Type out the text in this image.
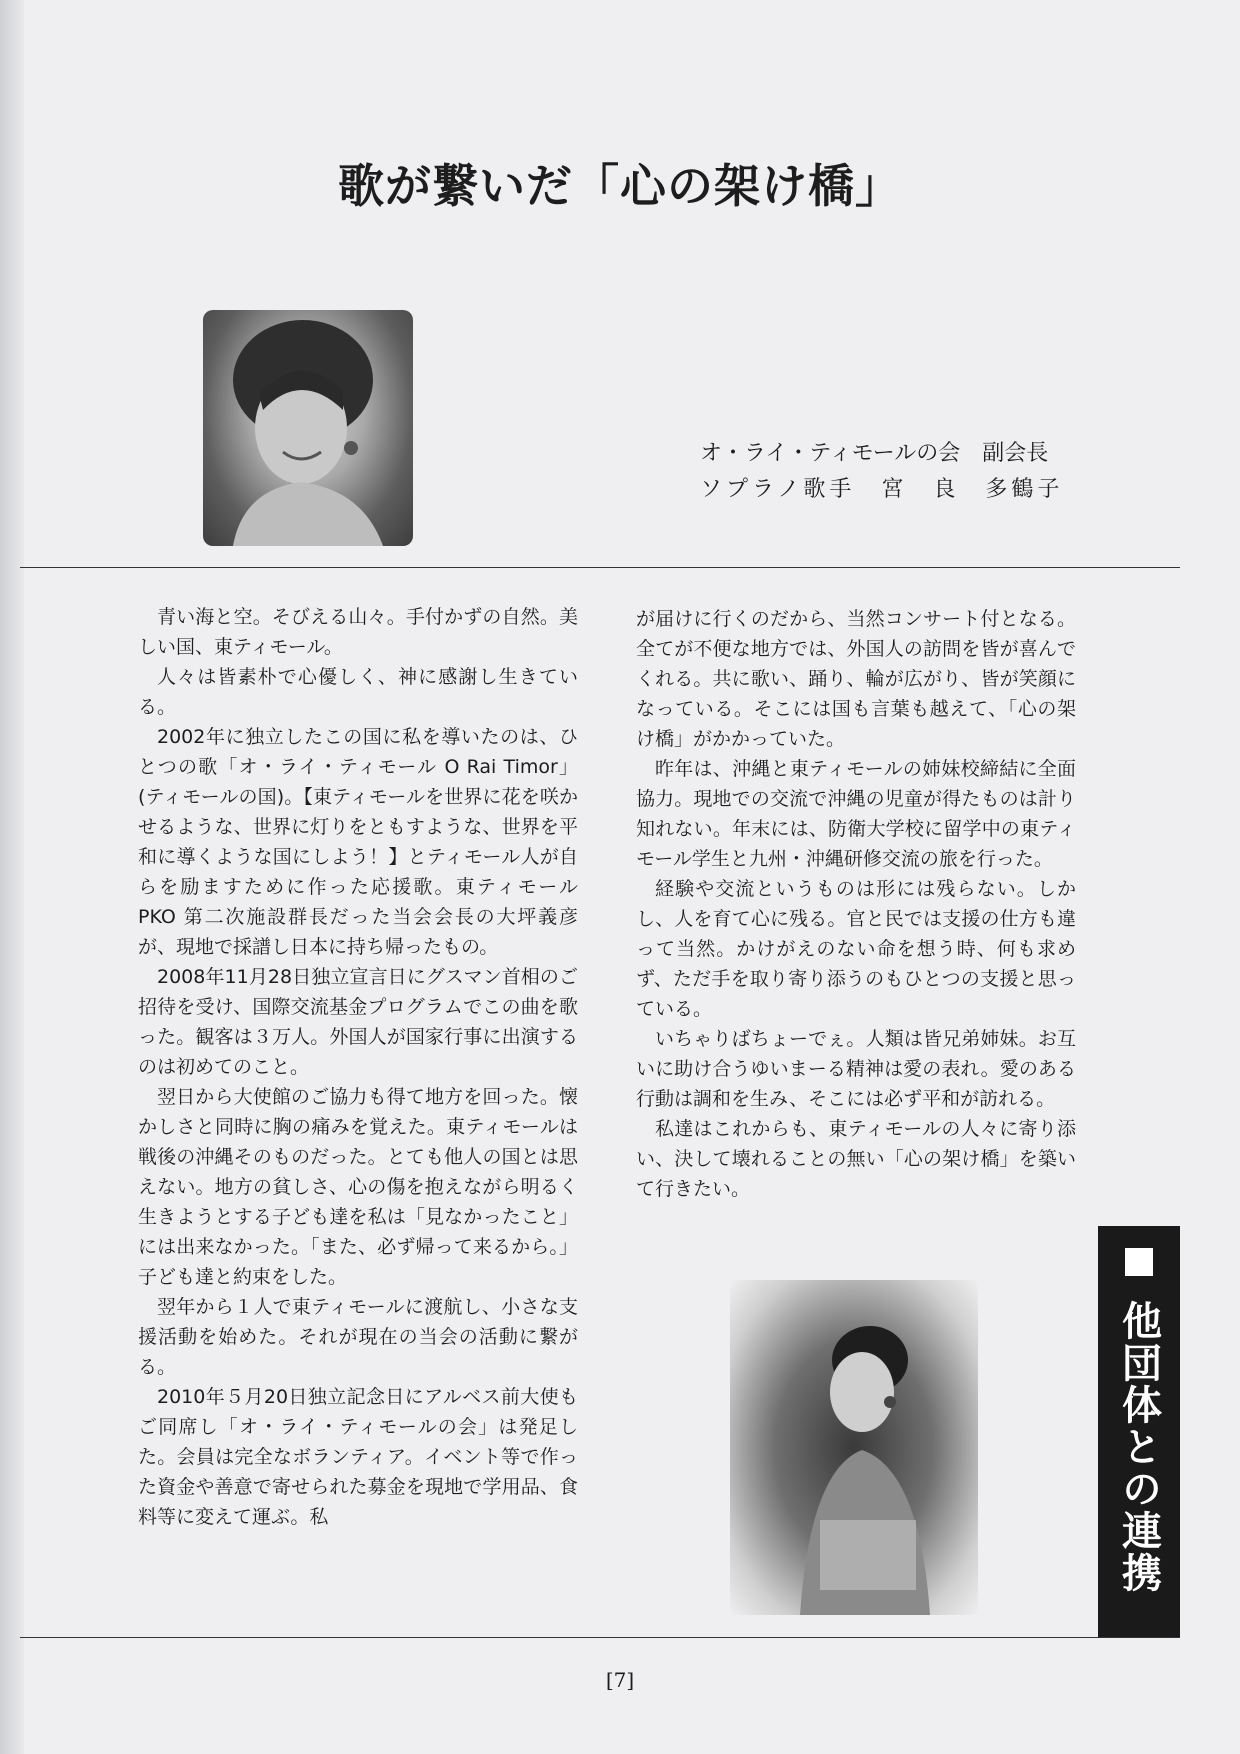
歌が繋いだ「心の架け橋」
オ・ライ・ティモールの会　副会長
ソプラノ歌手　宮　良　多鶴子

青い海と空。そびえる山々。手付かずの自然。美しい国、東ティモール。

人々は皆素朴で心優しく、神に感謝し生きている。

2002年に独立したこの国に私を導いたのは、ひとつの歌「オ・ライ・ティモール O Rai Timor」(ティモールの国)。【東ティモールを世界に花を咲かせるような、世界に灯りをともすような、世界を平和に導くような国にしよう！】とティモール人が自らを励ますために作った応援歌。東ティモール PKO 第二次施設群長だった当会会長の大坪義彦が、現地で採譜し日本に持ち帰ったもの。

2008年11月28日独立宣言日にグスマン首相のご招待を受け、国際交流基金プログラムでこの曲を歌った。観客は３万人。外国人が国家行事に出演するのは初めてのこと。

翌日から大使館のご協力も得て地方を回った。懐かしさと同時に胸の痛みを覚えた。東ティモールは戦後の沖縄そのものだった。とても他人の国とは思えない。地方の貧しさ、心の傷を抱えながら明るく生きようとする子ども達を私は「見なかったこと」には出来なかった。「また、必ず帰って来るから。」子ども達と約束をした。

翌年から１人で東ティモールに渡航し、小さな支援活動を始めた。それが現在の当会の活動に繋がる。

2010年５月20日独立記念日にアルベス前大使もご同席し「オ・ライ・ティモールの会」は発足した。会員は完全なボランティア。イベント等で作った資金や善意で寄せられた募金を現地で学用品、食料等に変えて運ぶ。私

が届けに行くのだから、当然コンサート付となる。全てが不便な地方では、外国人の訪問を皆が喜んでくれる。共に歌い、踊り、輪が広がり、皆が笑顔になっている。そこには国も言葉も越えて、「心の架け橋」がかかっていた。

昨年は、沖縄と東ティモールの姉妹校締結に全面協力。現地での交流で沖縄の児童が得たものは計り知れない。年末には、防衛大学校に留学中の東ティモール学生と九州・沖縄研修交流の旅を行った。

経験や交流というものは形には残らない。しかし、人を育て心に残る。官と民では支援の仕方も違って当然。かけがえのない命を想う時、何も求めず、ただ手を取り寄り添うのもひとつの支援と思っている。

いちゃりばちょーでぇ。人類は皆兄弟姉妹。お互いに助け合うゆいまーる精神は愛の表れ。愛のある行動は調和を生み、そこには必ず平和が訪れる。

私達はこれからも、東ティモールの人々に寄り添い、決して壊れることの無い「心の架け橋」を築いて行きたい。

他団体との連携
[7]
